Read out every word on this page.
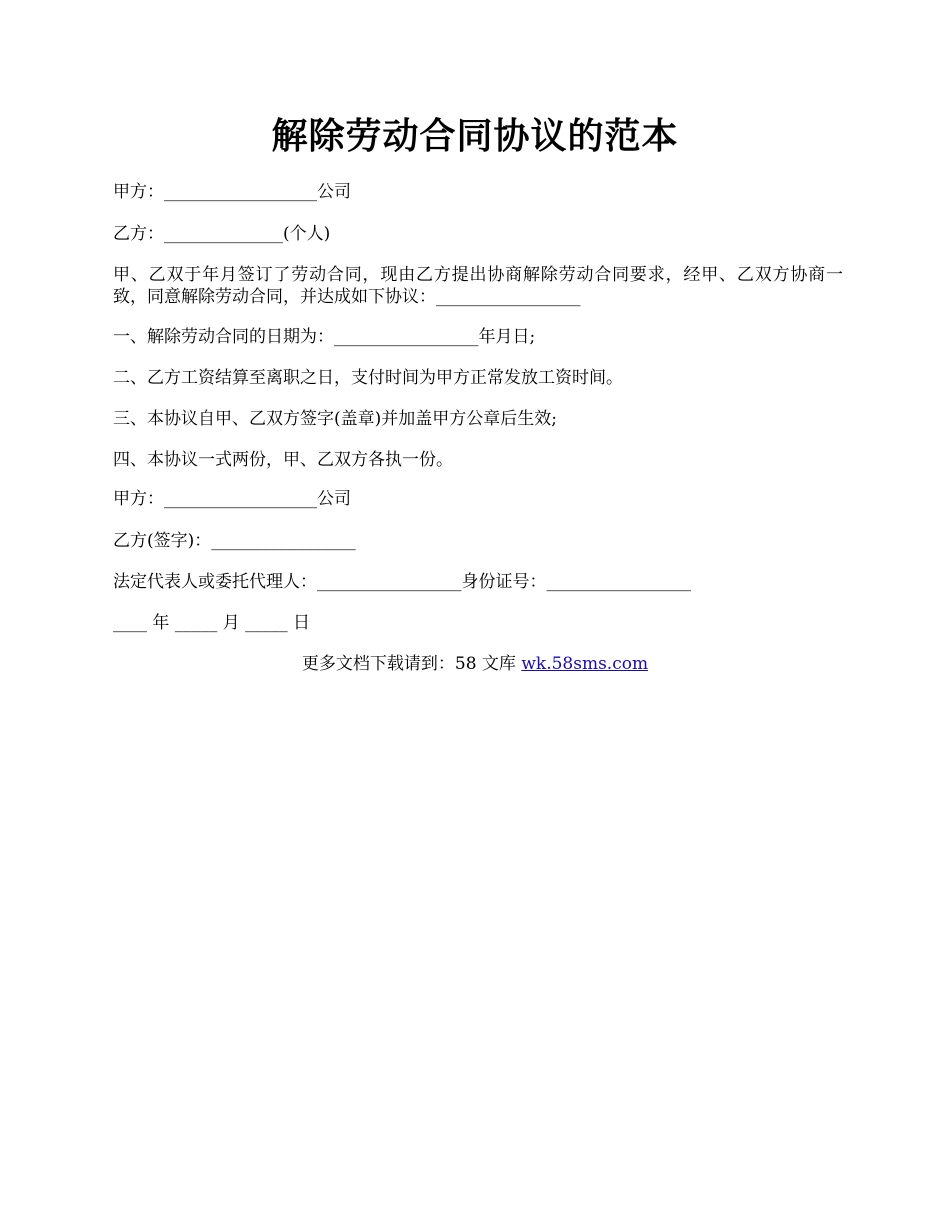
解除劳动合同协议的范本
甲方：__________________公司
乙方：______________(个人)
甲、乙双于年月签订了劳动合同，现由乙方提出协商解除劳动合同要求，经甲、乙双方协商一致，同意解除劳动合同，并达成如下协议：_________________
一、解除劳动合同的日期为：_________________年月日;
二、乙方工资结算至离职之日，支付时间为甲方正常发放工资时间。
三、本协议自甲、乙双方签字(盖章)并加盖甲方公章后生效;
四、本协议一式两份，甲、乙双方各执一份。
甲方：__________________公司
乙方(签字)：_________________
法定代表人或委托代理人：_________________身份证号：_________________
____ 年 _____ 月 _____ 日
更多文档下载请到：58 文库 wk.58sms.com
